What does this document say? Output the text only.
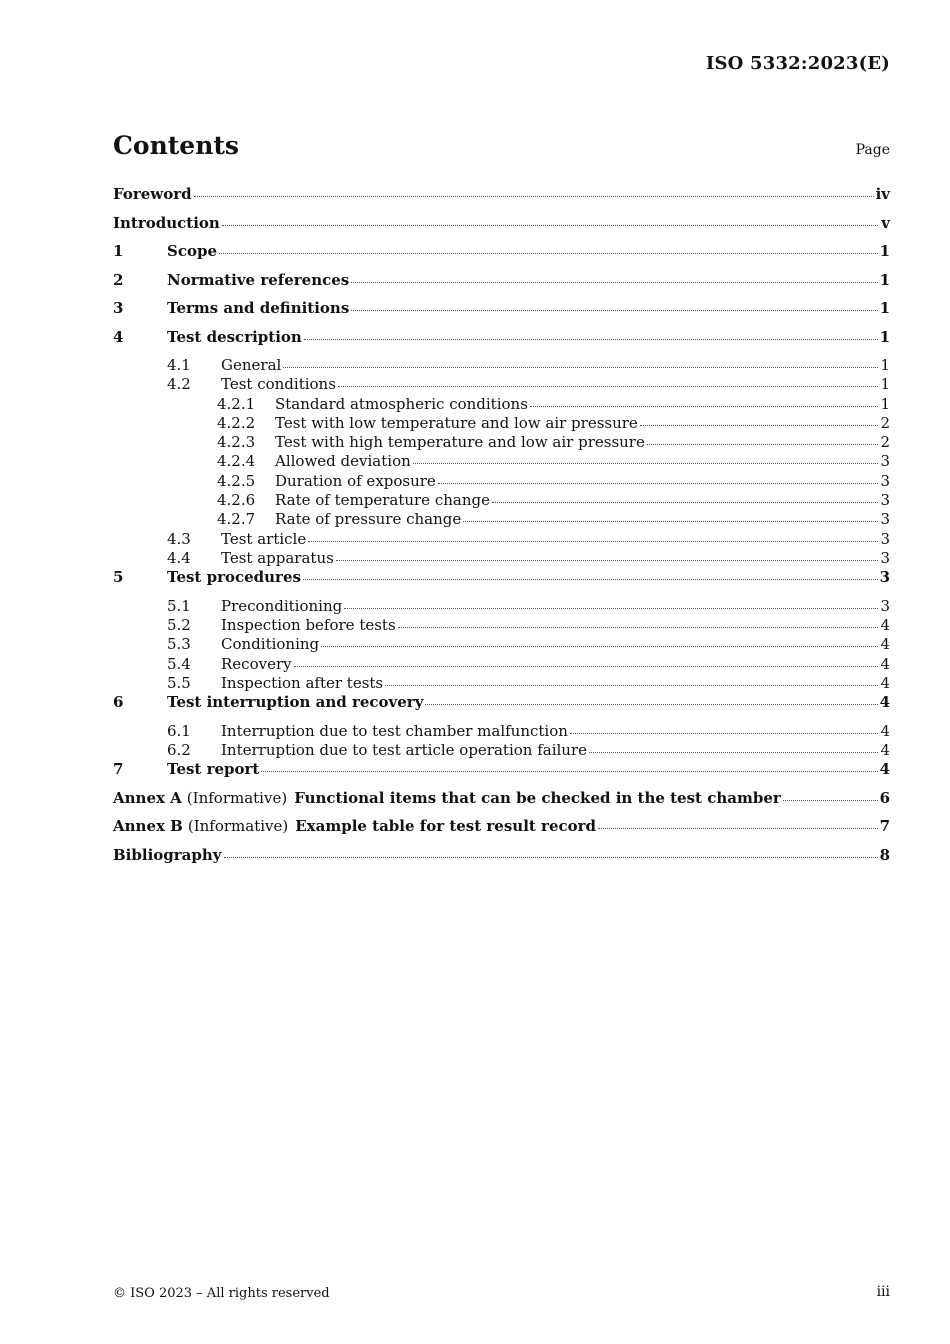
ISO 5332:2023(E)
Contents	Page
Foreword	iv
Introduction	v
1	Scope	1
2	Normative references	1
3	Terms and definitions	1
4	Test description	1
4.1	General	1
4.2	Test conditions	1
4.2.1	Standard atmospheric conditions	1
4.2.2	Test with low temperature and low air pressure	2
4.2.3	Test with high temperature and low air pressure	2
4.2.4	Allowed deviation	3
4.2.5	Duration of exposure	3
4.2.6	Rate of temperature change	3
4.2.7	Rate of pressure change	3
4.3	Test article	3
4.4	Test apparatus	3
5	Test procedures	3
5.1	Preconditioning	3
5.2	Inspection before tests	4
5.3	Conditioning	4
5.4	Recovery	4
5.5	Inspection after tests	4
6	Test interruption and recovery	4
6.1	Interruption due to test chamber malfunction	4
6.2	Interruption due to test article operation failure	4
7	Test report	4
Annex A (Informative) Functional items that can be checked in the test chamber	6
Annex B (Informative) Example table for test result record	7
Bibliography	8
© ISO 2023 – All rights reserved	iii
